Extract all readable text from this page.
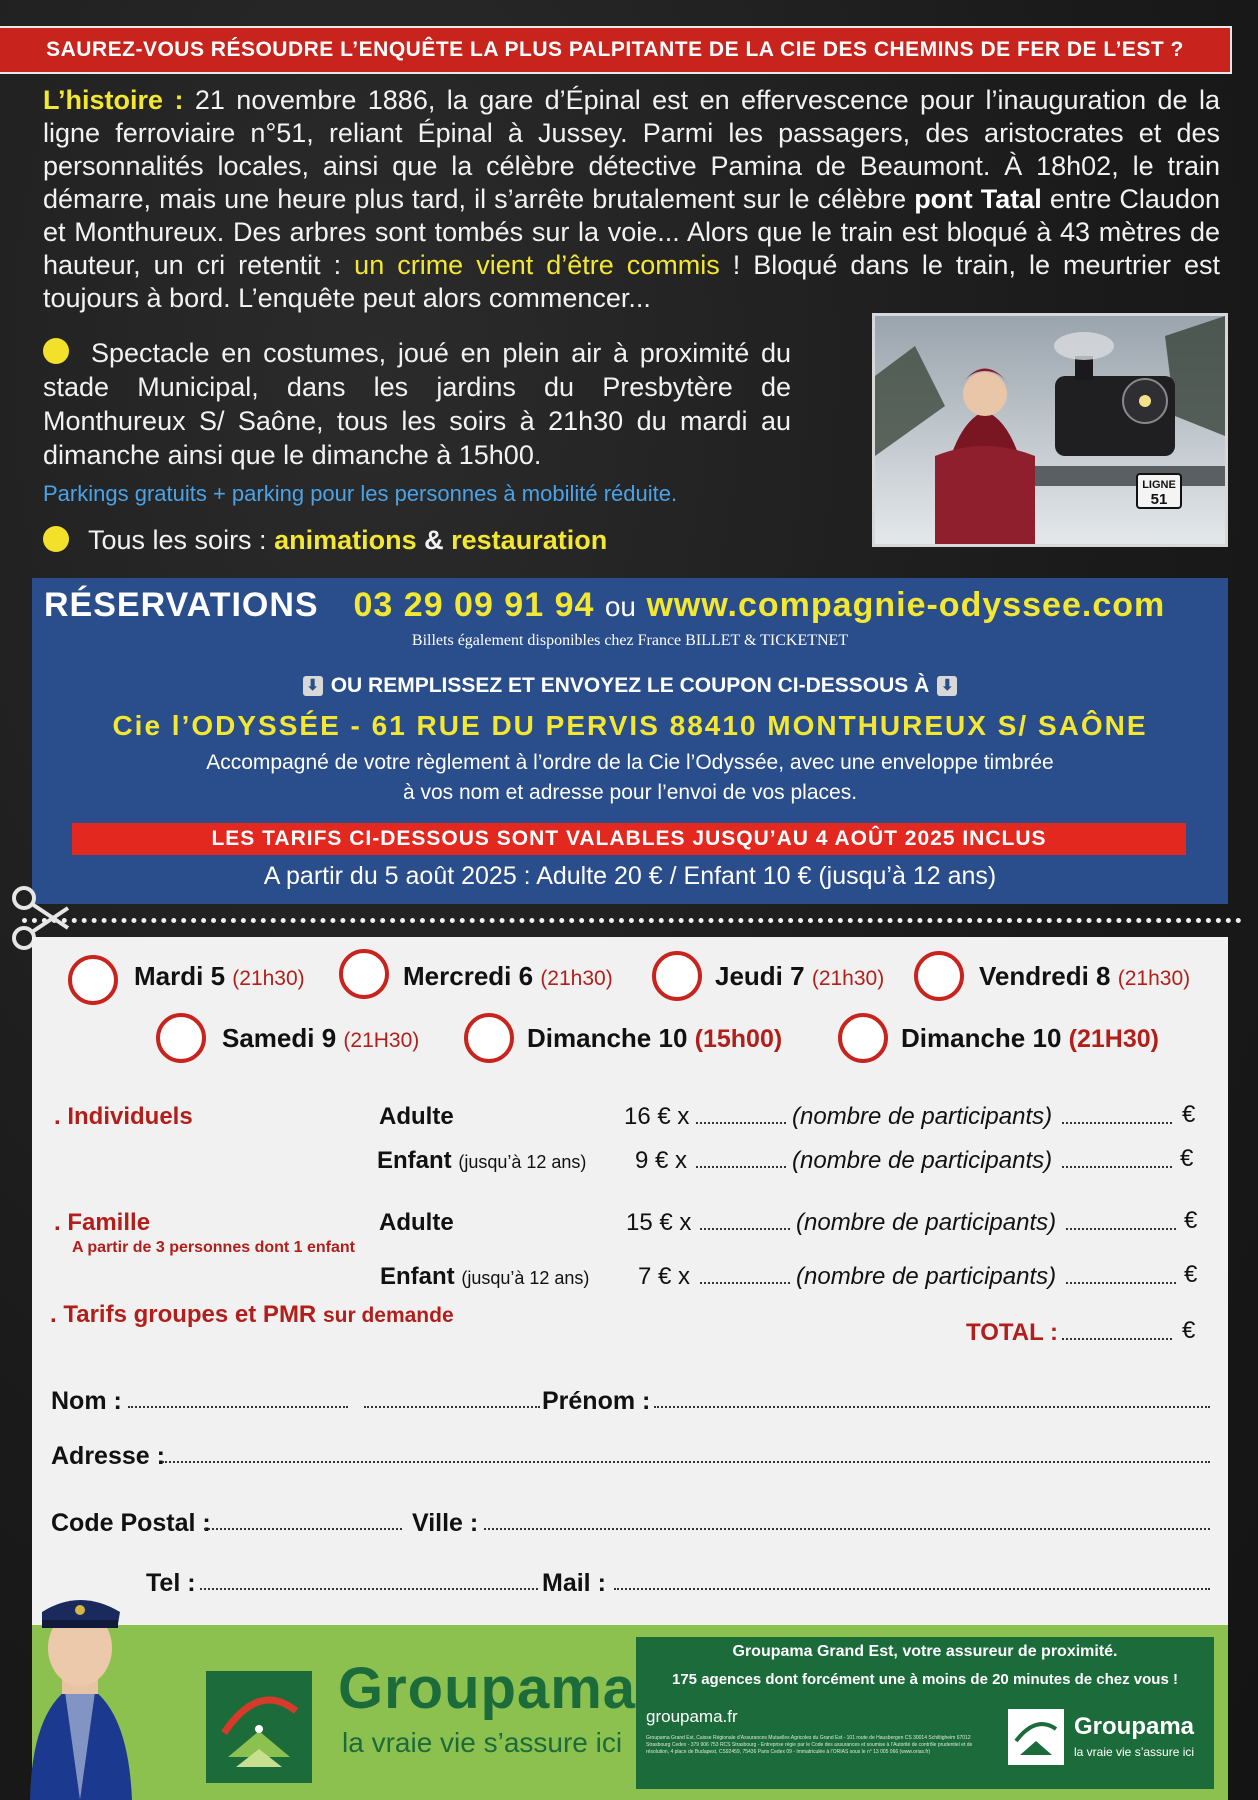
SAUREZ-VOUS RÉSOUDRE L’ENQUÊTE LA PLUS PALPITANTE DE LA CIE DES CHEMINS DE FER DE L’EST ?
L’histoire : 21 novembre 1886, la gare d’Épinal est en effervescence pour l’inauguration de la ligne ferroviaire n°51, reliant Épinal à Jussey. Parmi les passagers, des aristocrates et des personnalités locales, ainsi que la célèbre détective Pamina de Beaumont. À 18h02, le train démarre, mais une heure plus tard, il s’arrête brutalement sur le célèbre pont Tatal entre Claudon et Monthureux. Des arbres sont tombés sur la voie... Alors que le train est bloqué à 43 mètres de hauteur, un cri retentit : un crime vient d’être commis ! Bloqué dans le train, le meurtrier est toujours à bord. L’enquête peut alors commencer...
Spectacle en costumes, joué en plein air à proximité du stade Municipal, dans les jardins du Presbytère de Monthureux S/ Saône, tous les soirs à 21h30 du mardi au dimanche ainsi que le dimanche à 15h00.
Parkings gratuits + parking pour les personnes à mobilité réduite.
Tous les soirs : animations & restauration
LIGNE
51
RÉSERVATIONS 03 29 09 91 94 ou www.compagnie-odyssee.com
Billets également disponibles chez France BILLET & TICKETNET
⬇ OU REMPLISSEZ ET ENVOYEZ LE COUPON CI-DESSOUS À ⬇
Cie l’ODYSSÉE - 61 RUE DU PERVIS 88410 MONTHUREUX S/ SAÔNE
Accompagné de votre règlement à l’ordre de la Cie l’Odyssée, avec une enveloppe timbrée
à vos nom et adresse pour l’envoi de vos places.
LES TARIFS CI-DESSOUS SONT VALABLES JUSQU’AU 4 AOÛT 2025 INCLUS
A partir du 5 août 2025 : Adulte 20 € / Enfant 10 € (jusqu’à 12 ans)
Mardi 5 (21h30)	Mercredi 6 (21h30)	Jeudi 7 (21h30)	Vendredi 8 (21h30)
Samedi 9 (21H30)	Dimanche 10 (15h00)	Dimanche 10 (21H30)
. Individuels	Adulte	16 € x	(nombre de participants)	€
Enfant (jusqu’à 12 ans) 9 € x	(nombre de participants)	€
. Famille
A partir de 3 personnes dont 1 enfant
Adulte	15 € x	(nombre de participants)	€
Enfant (jusqu’à 12 ans) 7 € x	(nombre de participants)	€
. Tarifs groupes et PMR sur demande
TOTAL :	€
Nom :	Prénom :
Adresse :
Code Postal :	Ville :
Tel :	Mail :
Groupama
la vraie vie s’assure ici
Groupama Grand Est, votre assureur de proximité.
175 agences dont forcément une à moins de 20 minutes de chez vous !
groupama.fr
Groupama Grand Est, Caisse Régionale d’Assurances Mutuelles Agricoles du Grand Est - 101 route de Hausbergen CS 30014 Schiltigheim 67012 Strasbourg Cedex - 379 906 753 RCS Strasbourg - Entreprise régie par le Code des assurances et soumise à l’Autorité de contrôle prudentiel et de résolution, 4 place de Budapest, CS92459, 75436 Paris Cedex 09 - Immatriculée à l’ORIAS sous le n° 13 005 066 (www.orias.fr)
Groupama
la vraie vie s’assure ici
